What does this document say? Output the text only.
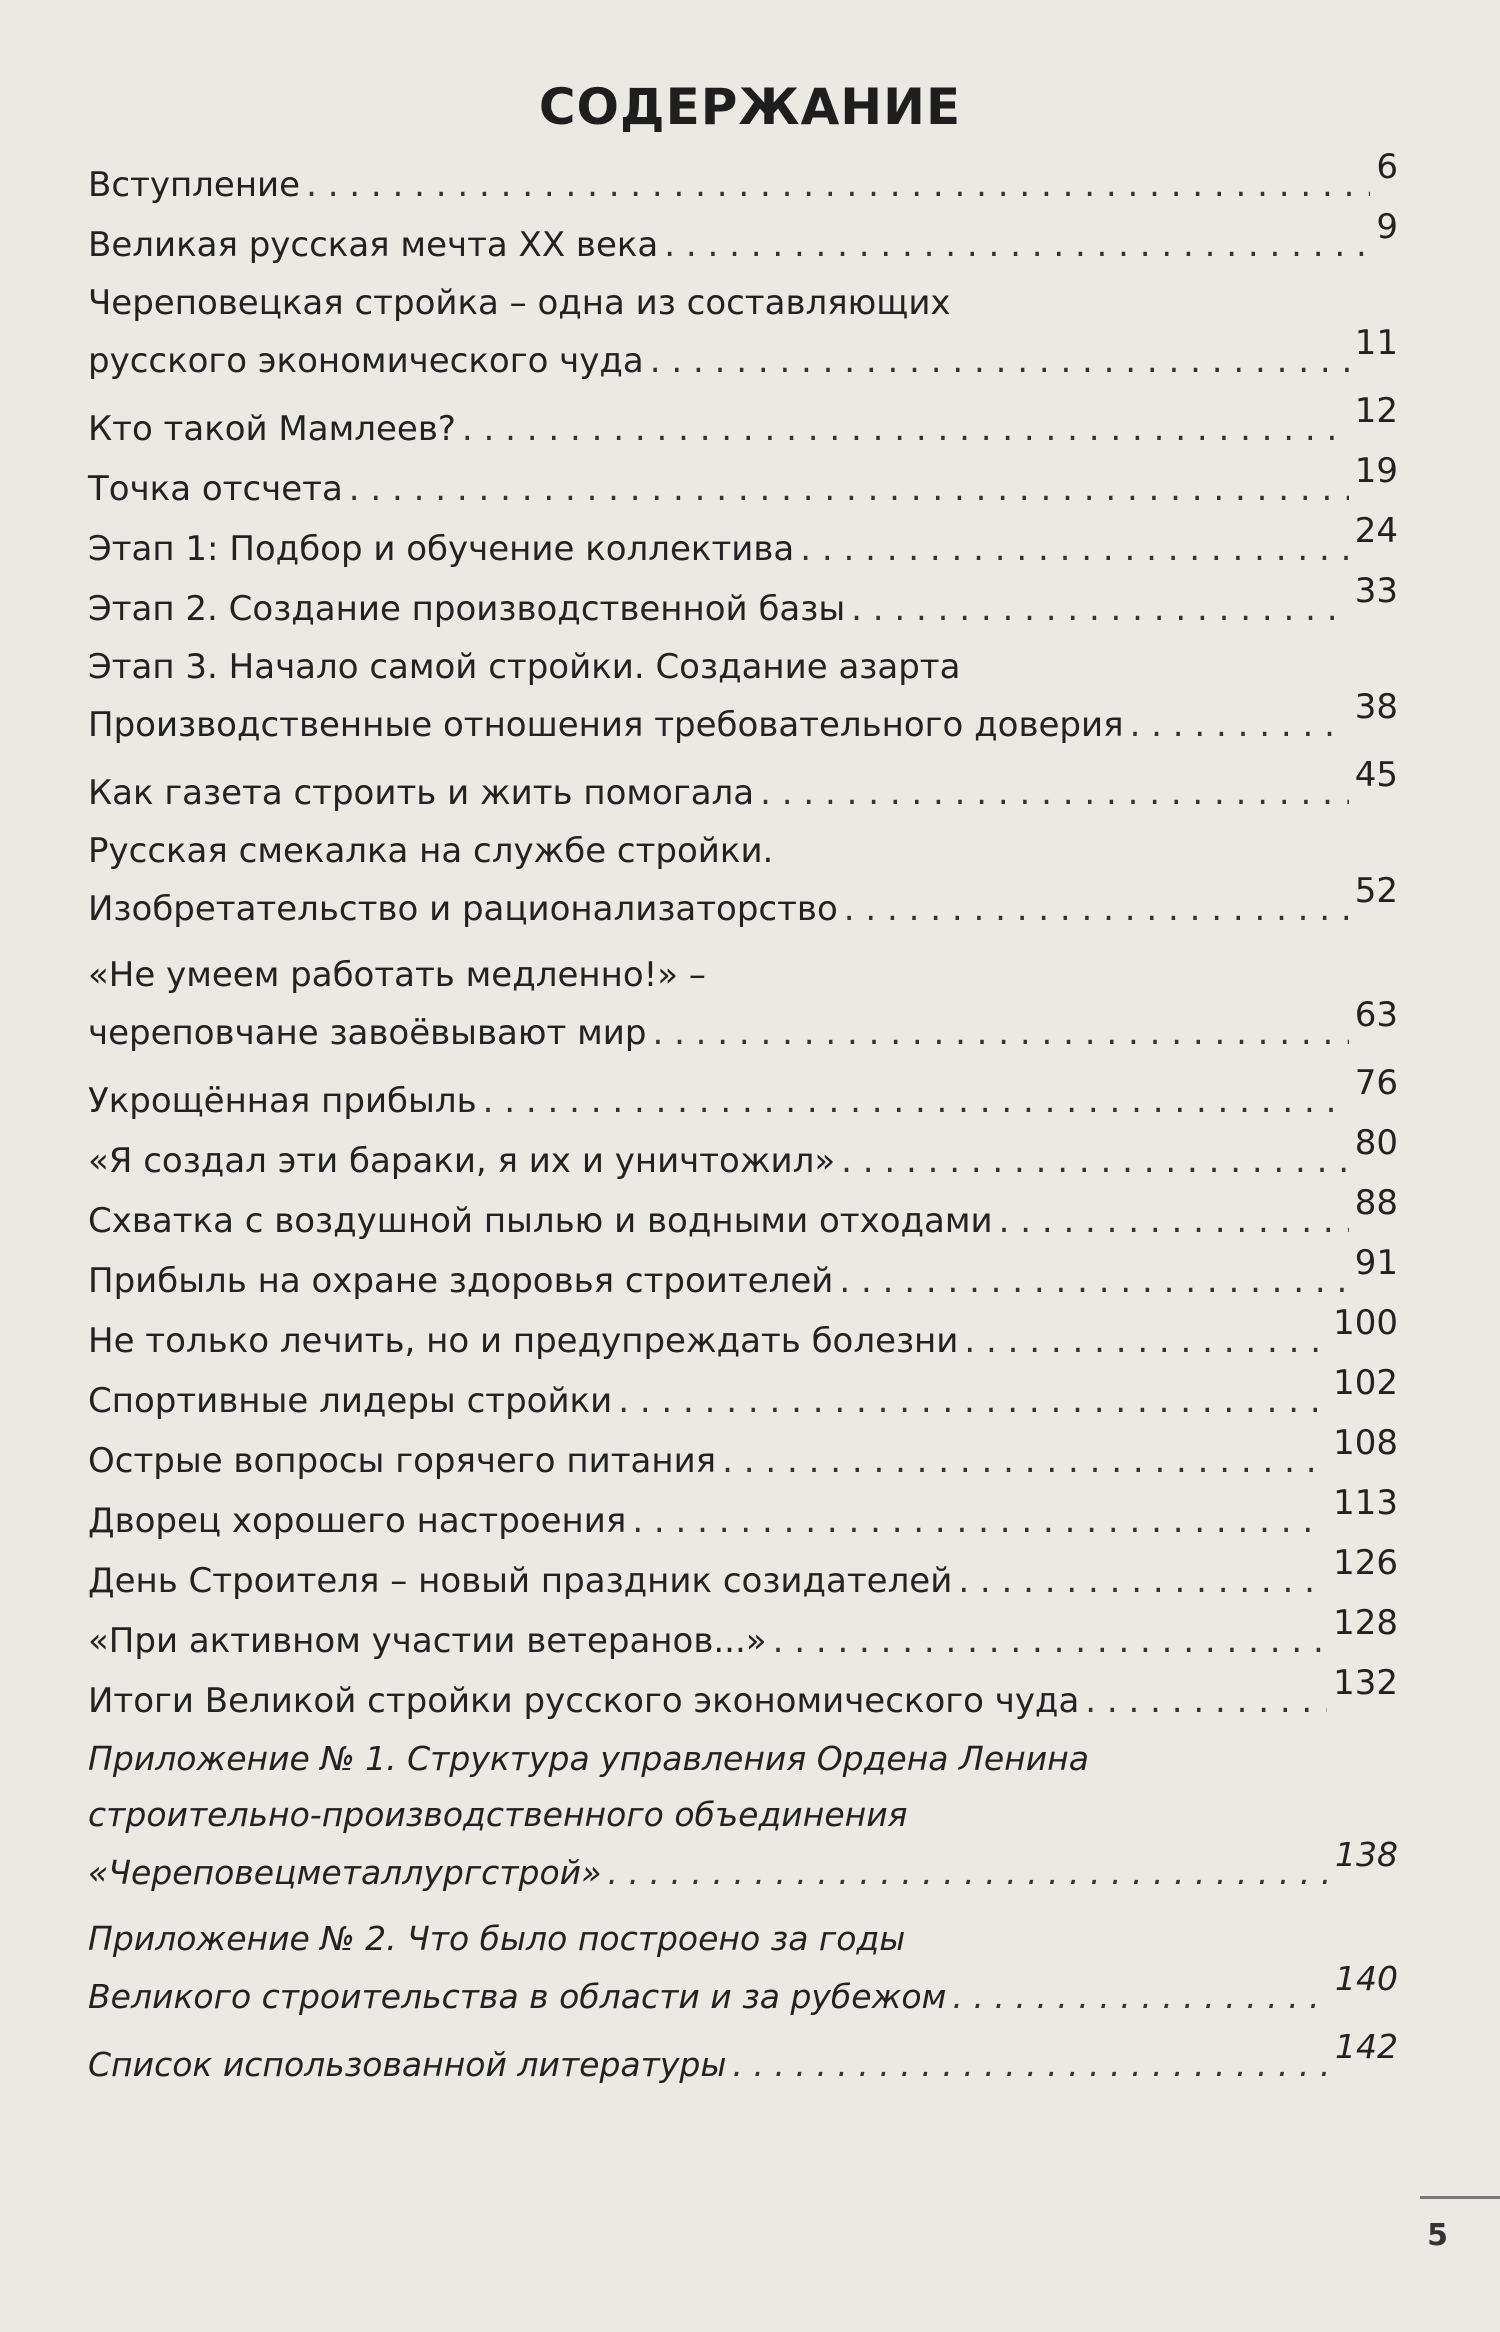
СОДЕРЖАНИЕ
Вступление . . .	6
Великая русская мечта XX века . . .	9
Череповецкая стройка – одна из составляющих
русского экономического чуда . . .	11
Кто такой Мамлеев? . . .	12
Точка отсчета . . .	19
Этап 1: Подбор и обучение коллектива . . .	24
Этап 2. Создание производственной базы . . .	33
Этап 3. Начало самой стройки. Создание азарта
Производственные отношения требовательного доверия . . .	38
Как газета строить и жить помогала . . .	45
Русская смекалка на службе стройки.
Изобретательство и рационализаторство . . .	52
«Не умеем работать медленно!» –
череповчане завоёвывают мир . . .	63
Укрощённая прибыль . . .	76
«Я создал эти бараки, я их и уничтожил» . . .	80
Схватка с воздушной пылью и водными отходами . . .	88
Прибыль на охране здоровья строителей . . .	91
Не только лечить, но и предупреждать болезни . . .	100
Спортивные лидеры стройки . . .	102
Острые вопросы горячего питания . . .	108
Дворец хорошего настроения . . .	113
День Строителя – новый праздник созидателей . . .	126
«При активном участии ветеранов...» . . .	128
Итоги Великой стройки русского экономического чуда . . .	132
Приложение № 1. Структура управления Ордена Ленина
строительно-производственного объединения
«Череповецметаллургстрой» . . .	138
Приложение № 2. Что было построено за годы
Великого строительства в области и за рубежом . . .	140
Список использованной литературы . . .	142
5
